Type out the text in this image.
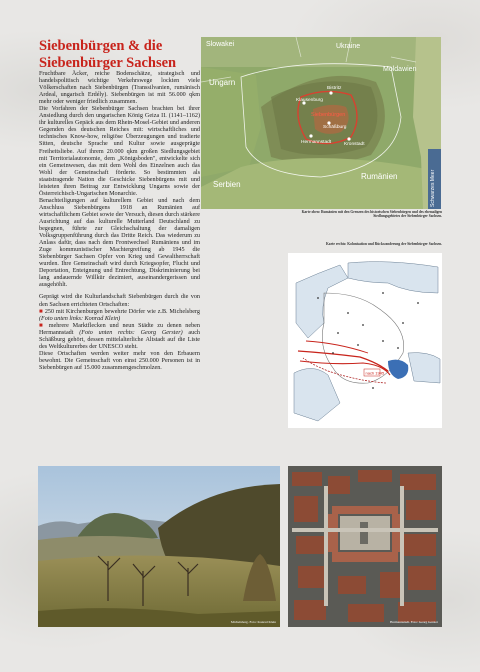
Siebenbürgen & die
Siebenbürger Sachsen

Fruchtbare Äcker, reiche Bodenschätze, strategisch und handelspolitisch wichtige Verkehrswege lockten viele Völkerschaften nach Siebenbürgen (Transsilvanien, rumänisch Ardeal, ungarisch Erdély). Siebenbürgen ist mit 56.000 qkm mehr oder weniger friedlich zusammen.

Die Vorfahren der Siebenbürger Sachsen brachten bei ihrer Ansiedlung durch den ungarischen König Geiza II. (1141–1162) ihr kulturelles Gepäck aus dem Rhein-Mosel-Gebiet und anderen Gegenden des deutschen Reiches mit: wirtschaftliches und technisches Know-how, religiöse Überzeugungen und tradierte Sitten, deutsche Sprache und Kultur sowie ausgeprägte Freiheitsliebe. Auf ihrem 20.000 qkm großen Siedlungsgebiet mit Territorialautonomie, dem „Königsboden", entwickelte sich ein Gemeinwesen, das mit dem Wohl des Einzelnen auch das Wohl der Gemeinschaft förderte. So bestimmten als staatstragende Nation die Geschicke Siebenbürgens mit und leisteten ihren Beitrag zur Entwicklung Ungarns sowie der Österreichisch-Ungarischen Monarchie.

Benachteiligungen auf kulturellem Gebiet und nach dem Anschluss Siebenbürgens 1918 an Rumänien auf wirtschaftlichem Gebiet sowie der Versuch, diesen durch stärkere Ausrichtung auf das kulturelle Mutterland Deutschland zu begegnen, führte zur Gleichschaltung der damaligen Volksgruppenführung durch das Dritte Reich. Das wiederum zu Anlass dafür, dass nach dem Frontwechsel Rumäniens und im Zuge kommunistischer Machtergreifung ab 1945 die Siebenbürger Sachsen Opfer von Krieg und Gewaltherrschaft wurden. Ihre Gemeinschaft wird durch Kriegsopfer, Flucht und Deportation, Enteignung und Entrechtung, Diskriminierung bei lang andauernde Willkür dezimiert, auseinandergerissen und ausgehöhlt.

Geprägt wird die Kulturlandschaft Siebenbürgen durch die von den Sachsen errichteten Ortschaften:

■ 250 mit Kirchenburgen bewehrte Dörfer wie z.B. Michelsberg (Foto unten links: Konrad Klein)

■ mehrere Marktflecken und neun Städte zu denen neben Hermannstadt (Foto unten rechts: Georg Gerster) auch Schäßburg gehört, dessen mittelalterliche Altstadt auf die Liste des Weltkulturerbes der UNESCO steht.

Diese Ortschaften werden weiter mehr von den Erbauern bewohnt. Die Gemeinschaft von einst 250.000 Personen ist in Siebenbürgen auf 15.000 zusammengeschmolzen.

Slowakei	Ukraine
Moldawien
Ungarn
Serbien
Rumänien
Bistritz
Klausenburg
Siebenbürgen
Schäßburg
Hermannstadt	Kronstadt
Schwarzes Meer

Karte oben: Rumänien mit den Grenzen des historischen Siebenbürgen und des ehemaligen Siedlungsgebietes der Siebenbürger Sachsen.

Karte rechts: Kolonisation und Rückwanderung der Siebenbürger Sachsen.

nach 1945
Michelsberg. Foto: Konrad Klein	Hermannstadt. Foto: Georg Gerster
